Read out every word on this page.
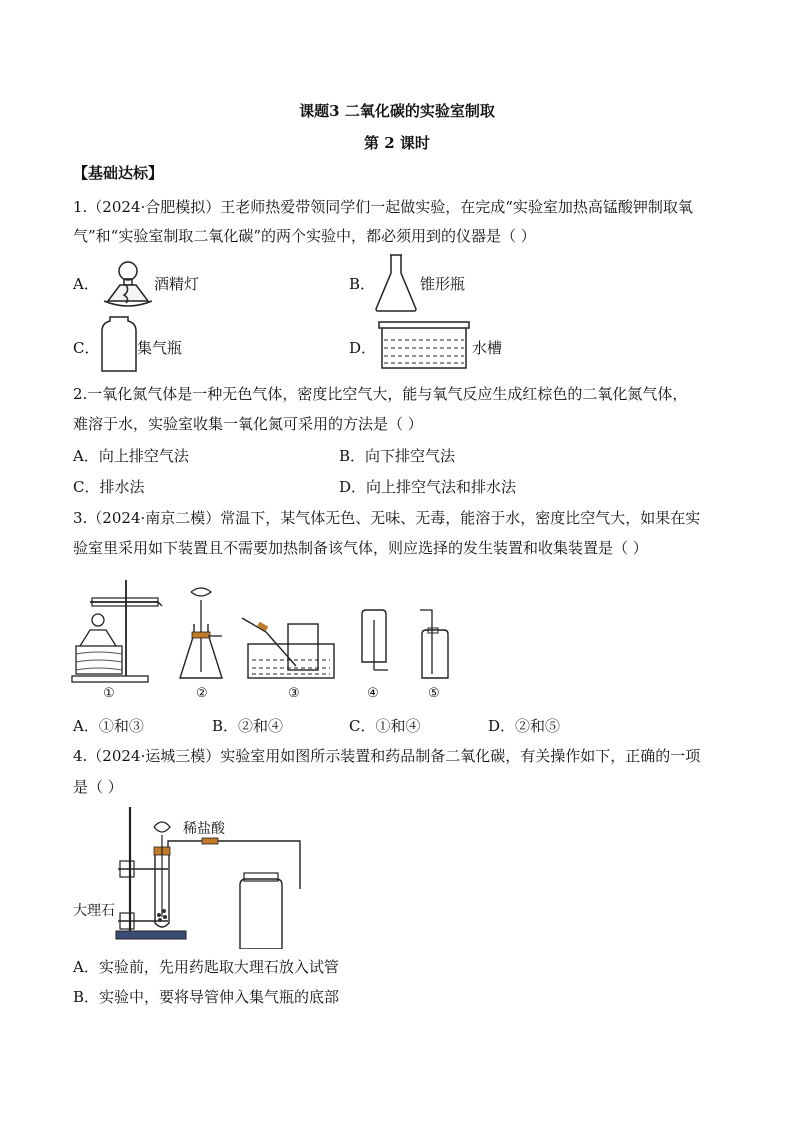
课题3 二氧化碳的实验室制取
第 2 课时
【基础达标】
1.（2024·合肥模拟）王老师热爱带领同学们一起做实验，在完成“实验室加热高锰酸钾制取氧
气”和“实验室制取二氧化碳”的两个实验中，都必须用到的仪器是（ ）
A．	酒精灯	B．	锥形瓶
C．	集气瓶	D．	水槽
2.一氧化氮气体是一种无色气体，密度比空气大，能与氧气反应生成红棕色的二氧化氮气体，
难溶于水，实验室收集一氧化氮可采用的方法是（ ）
A．向上排空气法	B．向下排空气法
C．排水法	D．向上排空气法和排水法
3.（2024·南京二模）常温下，某气体无色、无味、无毒，能溶于水，密度比空气大，如果在实
验室里采用如下装置且不需要加热制备该气体，则应选择的发生装置和收集装置是（ ）
①	②	③	④	⑤
A．①和③	B．②和④	C．①和④	D．②和⑤
4.（2024·运城三模）实验室用如图所示装置和药品制备二氧化碳，有关操作如下，正确的一项
是（ ）
稀盐酸
大理石
A．实验前，先用药匙取大理石放入试管
B．实验中，要将导管伸入集气瓶的底部
